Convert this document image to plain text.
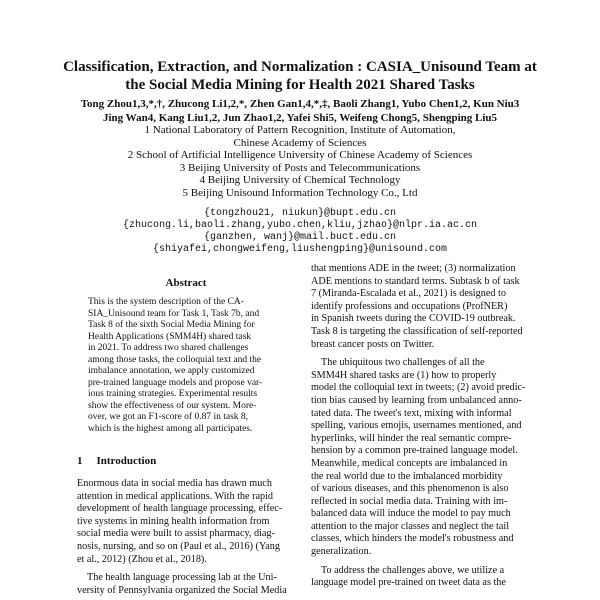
Classification, Extraction, and Normalization : CASIA_Unisound Team at
the Social Media Mining for Health 2021 Shared Tasks
Tong Zhou1,3,*,†, Zhucong Li1,2,*, Zhen Gan1,4,*,‡, Baoli Zhang1, Yubo Chen1,2, Kun Niu3
Jing Wan4, Kang Liu1,2, Jun Zhao1,2, Yafei Shi5, Weifeng Chong5, Shengping Liu5
1 National Laboratory of Pattern Recognition, Institute of Automation,
Chinese Academy of Sciences
2 School of Artificial Intelligence University of Chinese Academy of Sciences
3 Beijing University of Posts and Telecommunications
4 Beijing University of Chemical Technology
5 Beijing Unisound Information Technology Co., Ltd
{tongzhou21, niukun}@bupt.edu.cn
{zhucong.li,baoli.zhang,yubo.chen,kliu,jzhao}@nlpr.ia.ac.cn
{ganzhen, wanj}@mail.buct.edu.cn
{shiyafei,chongweifeng,liushengping}@unisound.com
Abstract
This is the system description of the CA-
SIA_Unisound team for Task 1, Task 7b, and
Task 8 of the sixth Social Media Mining for
Health Applications (SMM4H) shared task
in 2021. To address two shared challenges
among those tasks, the colloquial text and the
imbalance annotation, we apply customized
pre-trained language models and propose var-
ious training strategies. Experimental results
show the effectiveness of our system. More-
over, we got an F1-score of 0.87 in task 8,
which is the highest among all participates.
1 Introduction
Enormous data in social media has drawn much
attention in medical applications. With the rapid
development of health language processing, effec-
tive systems in mining health information from
social media were built to assist pharmacy, diag-
nosis, nursing, and so on (Paul et al., 2016) (Yang
et al., 2012) (Zhou et al., 2018).
The health language processing lab at the Uni-
versity of Pennsylvania organized the Social Media
that mentions ADE in the tweet; (3) normalization
ADE mentions to standard terms. Subtask b of task
7 (Miranda-Escalada et al., 2021) is designed to
identify professions and occupations (ProfNER)
in Spanish tweets during the COVID-19 outbreak.
Task 8 is targeting the classification of self-reported
breast cancer posts on Twitter.
The ubiquitous two challenges of all the
SMM4H shared tasks are (1) how to properly
model the colloquial text in tweets; (2) avoid predic-
tion bias caused by learning from unbalanced anno-
tated data. The tweet's text, mixing with informal
spelling, various emojis, usernames mentioned, and
hyperlinks, will hinder the real semantic compre-
hension by a common pre-trained language model.
Meanwhile, medical concepts are imbalanced in
the real world due to the imbalanced morbidity
of various diseases, and this phenomenon is also
reflected in social media data. Training with im-
balanced data will induce the model to pay much
attention to the major classes and neglect the tail
classes, which hinders the model's robustness and
generalization.
To address the challenges above, we utilize a
language model pre-trained on tweet data as the
